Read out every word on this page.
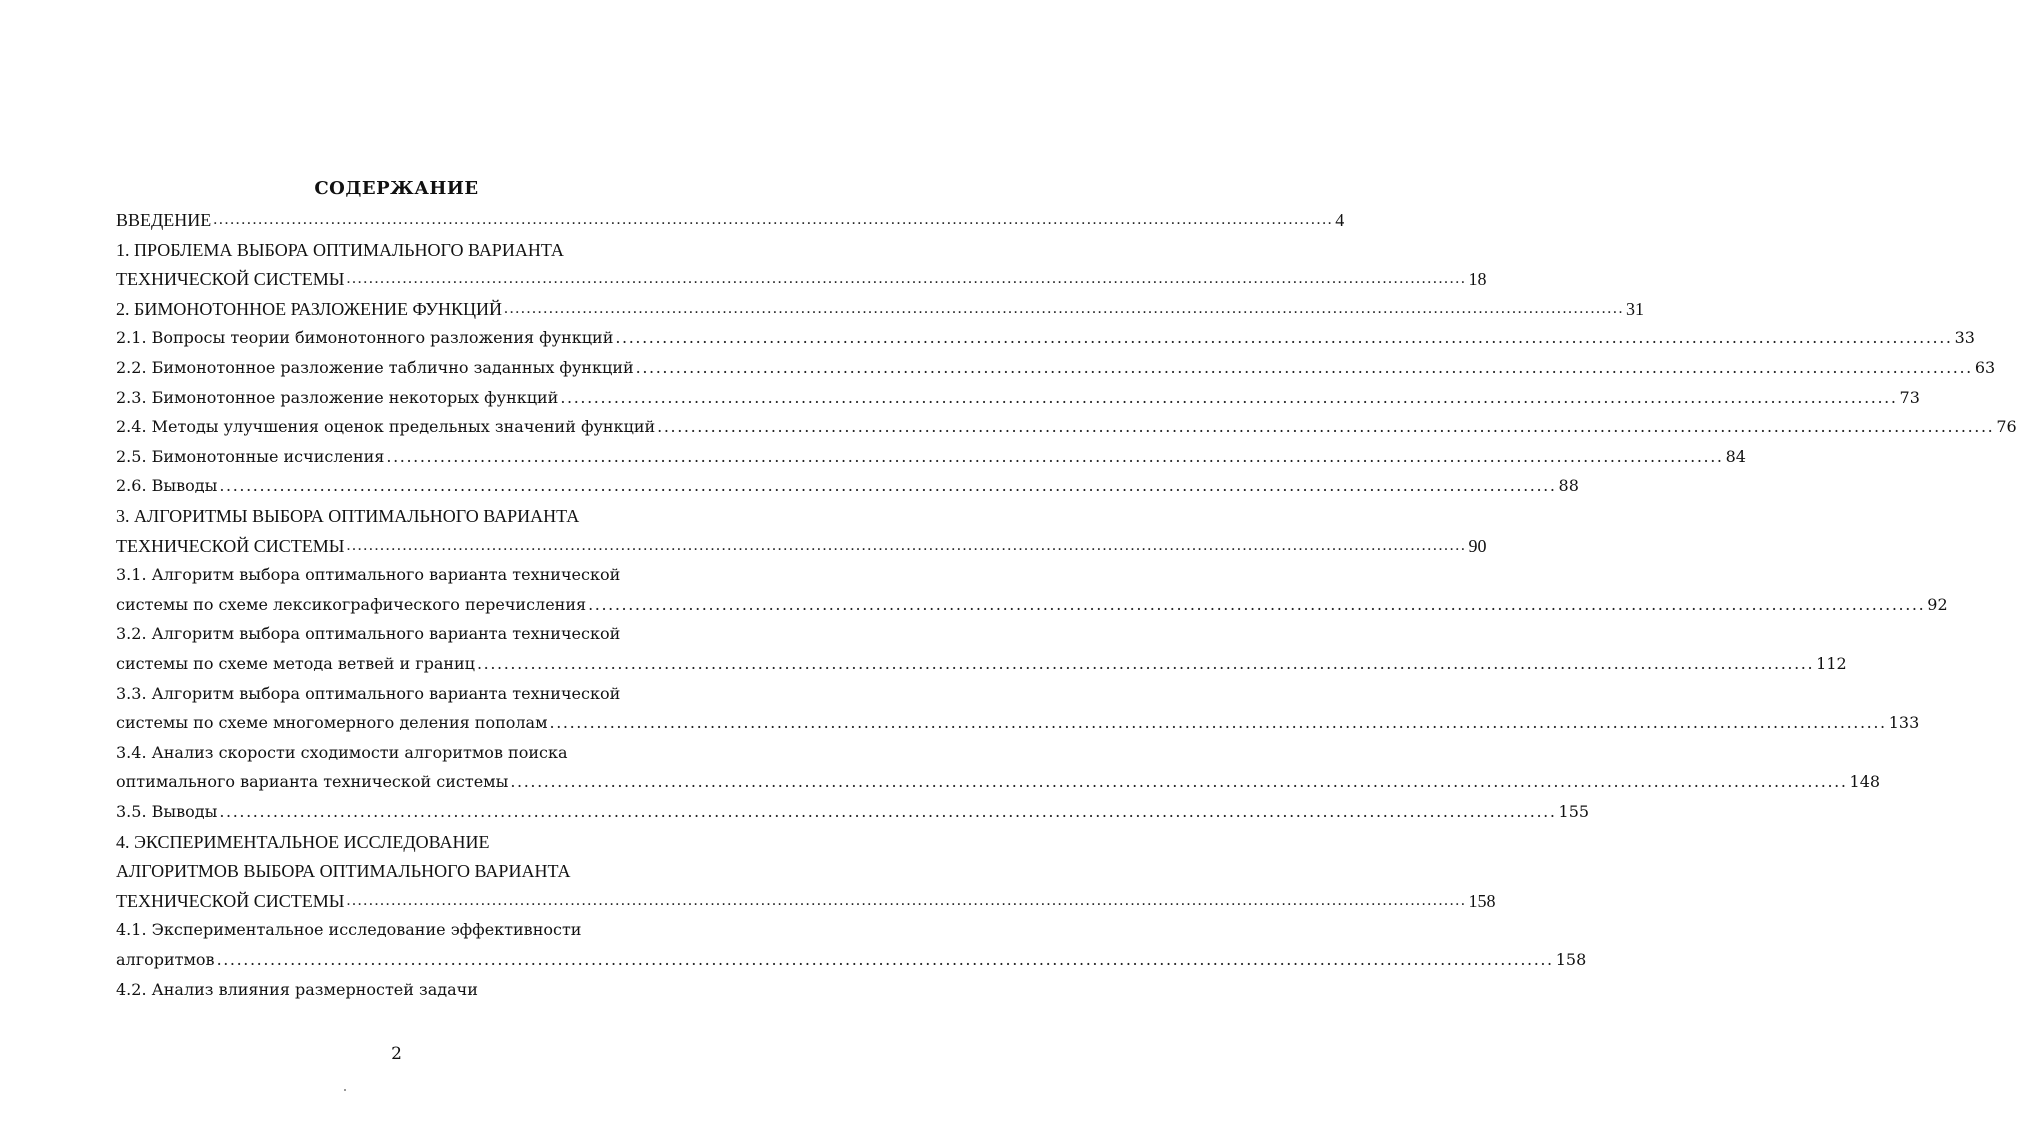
СОДЕРЖАНИЕ
ВВЕДЕНИЕ ........................................................................................................................................................................................................ 4
1. ПРОБЛЕМА ВЫБОРА ОПТИМАЛЬНОГО ВАРИАНТА
ТЕХНИЧЕСКОЙ СИСТЕМЫ ........................................................................................................................................................................................................ 18
2. БИМОНОТОННОЕ РАЗЛОЖЕНИЕ ФУНКЦИЙ ........................................................................................................................................................................................................ 31
2.1. Вопросы теории бимонотонного разложения функций ........................................................................................................................................................................................................ 33
2.2. Бимонотонное разложение таблично заданных функций ........................................................................................................................................................................................................ 63
2.3. Бимонотонное разложение некоторых функций ........................................................................................................................................................................................................ 73
2.4. Методы улучшения оценок предельных значений функций ........................................................................................................................................................................................................ 76
2.5. Бимонотонные исчисления ........................................................................................................................................................................................................ 84
2.6. Выводы ........................................................................................................................................................................................................ 88
3. АЛГОРИТМЫ ВЫБОРА ОПТИМАЛЬНОГО ВАРИАНТА
ТЕХНИЧЕСКОЙ СИСТЕМЫ ........................................................................................................................................................................................................ 90
3.1. Алгоритм выбора оптимального варианта технической
системы по схеме лексикографического перечисления ........................................................................................................................................................................................................ 92
3.2. Алгоритм выбора оптимального варианта технической
системы по схеме метода ветвей и границ ........................................................................................................................................................................................................ 112
3.3. Алгоритм выбора оптимального варианта технической
системы по схеме многомерного деления пополам ........................................................................................................................................................................................................ 133
3.4. Анализ скорости сходимости алгоритмов поиска
оптимального варианта технической системы ........................................................................................................................................................................................................ 148
3.5. Выводы ........................................................................................................................................................................................................ 155
4. ЭКСПЕРИМЕНТАЛЬНОЕ ИССЛЕДОВАНИЕ
АЛГОРИТМОВ ВЫБОРА ОПТИМАЛЬНОГО ВАРИАНТА
ТЕХНИЧЕСКОЙ СИСТЕМЫ ........................................................................................................................................................................................................ 158
4.1. Экспериментальное исследование эффективности
алгоритмов ........................................................................................................................................................................................................ 158
4.2. Анализ влияния размерностей задачи
2
